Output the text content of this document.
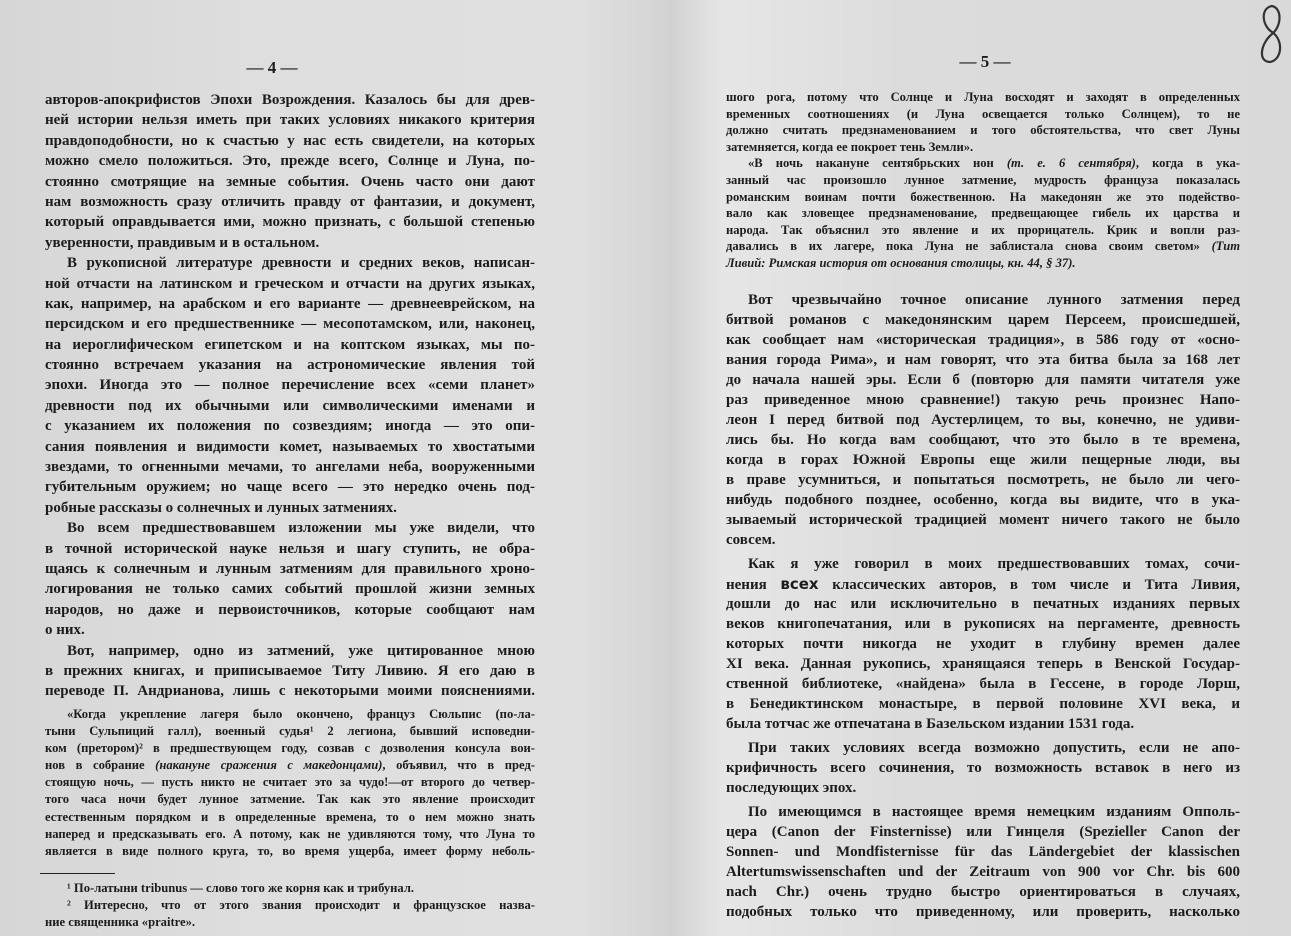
— 4 —
авторов-апокрифистов Эпохи Возрождения. Казалось бы для древ-
ней истории нельзя иметь при таких условиях никакого критерия
правдоподобности, но к счастью у нас есть свидетели, на которых
можно смело положиться. Это, прежде всего, Солнце и Луна, по-
стоянно смотрящие на земные события. Очень часто они дают
нам возможность сразу отличить правду от фантазии, и документ,
который оправдывается ими, можно признать, с большой степенью
уверенности, правдивым и в остальном.
В рукописной литературе древности и средних веков, написан-
ной отчасти на латинском и греческом и отчасти на других языках,
как, например, на арабском и его варианте — древнееврейском, на
персидском и его предшественнике — месопотамском, или, наконец,
на иероглифическом египетском и на коптском языках, мы по-
стоянно встречаем указания на астрономические явления той
эпохи. Иногда это — полное перечисление всех «семи планет»
древности под их обычными или символическими именами и
с указанием их положения по созвездиям; иногда — это опи-
сания появления и видимости комет, называемых то хвостатыми
звездами, то огненными мечами, то ангелами неба, вооруженными
губительным оружием; но чаще всего — это нередко очень под-
робные рассказы о солнечных и лунных затмениях.
Во всем предшествовавшем изложении мы уже видели, что
в точной исторической науке нельзя и шагу ступить, не обра-
щаясь к солнечным и лунным затмениям для правильного хроно-
логирования не только самих событий прошлой жизни земных
народов, но даже и первоисточников, которые сообщают нам
о них.
Вот, например, одно из затмений, уже цитированное мною
в прежних книгах, и приписываемое Титу Ливию. Я его даю в
переводе П. Андрианова, лишь с некоторыми моими пояснениями.
«Когда укрепление лагеря было окончено, француз Сюльпис (по-ла-
тыни Сульпиций галл), военный судья¹ 2 легиона, бывший исповедни-
ком (претором)² в предшествующем году, созвав с дозволения консула вои-
нов в собрание (накануне сражения с македонцами), объявил, что в пред-
стоящую ночь, — пусть никто не считает это за чудо!—от второго до четвер-
того часа ночи будет лунное затмение. Так как это явление происходит
естественным порядком и в определенные времена, то о нем можно знать
наперед и предсказывать его. А потому, как не удивляются тому, что Луна то
является в виде полного круга, то, во время ущерба, имеет форму неболь-
¹ По-латыни tribunus — слово того же корня как и трибунал.
² Интересно, что от этого звания происходит и французское назва-
ние священника «praitre».
— 5 —
шого рога, потому что Солнце и Луна восходят и заходят в определенных
временных соотношениях (и Луна освещается только Солнцем), то не
должно считать предзнаменованием и того обстоятельства, что свет Луны
затемняется, когда ее покроет тень Земли».
«В ночь накануне сентябрьских нон (т. е. 6 сентября), когда в ука-
занный час произошло лунное затмение, мудрость француза показалась
романским воинам почти божественною. На македонян же это подейство-
вало как зловещее предзнаменование, предвещающее гибель их царства и
народа. Так объяснил это явление и их прорицатель. Крик и вопли раз-
давались в их лагере, пока Луна не заблистала снова своим светом» (Тит
Ливий: Римская история от основания столицы, кн. 44, § 37).
Вот чрезвычайно точное описание лунного затмения перед
битвой романов с македонянским царем Персеем, происшедшей,
как сообщает нам «историческая традиция», в 586 году от «осно-
вания города Рима», и нам говорят, что эта битва была за 168 лет
до начала нашей эры. Если б (повторю для памяти читателя уже
раз приведенное мною сравнение!) такую речь произнес Напо-
леон I перед битвой под Аустерлицем, то вы, конечно, не удиви-
лись бы. Но когда вам сообщают, что это было в те времена,
когда в горах Южной Европы еще жили пещерные люди, вы
в праве усумниться, и попытаться посмотреть, не было ли чего-
нибудь подобного позднее, особенно, когда вы видите, что в ука-
зываемый исторической традицией момент ничего такого не было
совсем.
Как я уже говорил в моих предшествовавших томах, сочи-
нения всех классических авторов, в том числе и Тита Ливия,
дошли до нас или исключительно в печатных изданиях первых
веков книгопечатания, или в рукописях на пергаменте, древность
которых почти никогда не уходит в глубину времен далее
XI века. Данная рукопись, хранящаяся теперь в Венской Государ-
ственной библиотеке, «найдена» была в Гессене, в городе Лорш,
в Бенедиктинском монастыре, в первой половине XVI века, и
была тотчас же отпечатана в Базельском издании 1531 года.
При таких условиях всегда возможно допустить, если не апо-
крифичность всего сочинения, то возможность вставок в него из
последующих эпох.
По имеющимся в настоящее время немецким изданиям Опполь-
цера (Canon der Finsternisse) или Гинцеля (Spezieller Canon der
Sonnen- und Mondfisternisse für das Ländergebiet der klassischen
Altertumswissenschaften und der Zeitraum von 900 vor Chr. bis 600
nach Chr.) очень трудно быстро ориентироваться в случаях,
подобных только что приведенному, или проверить, насколько
